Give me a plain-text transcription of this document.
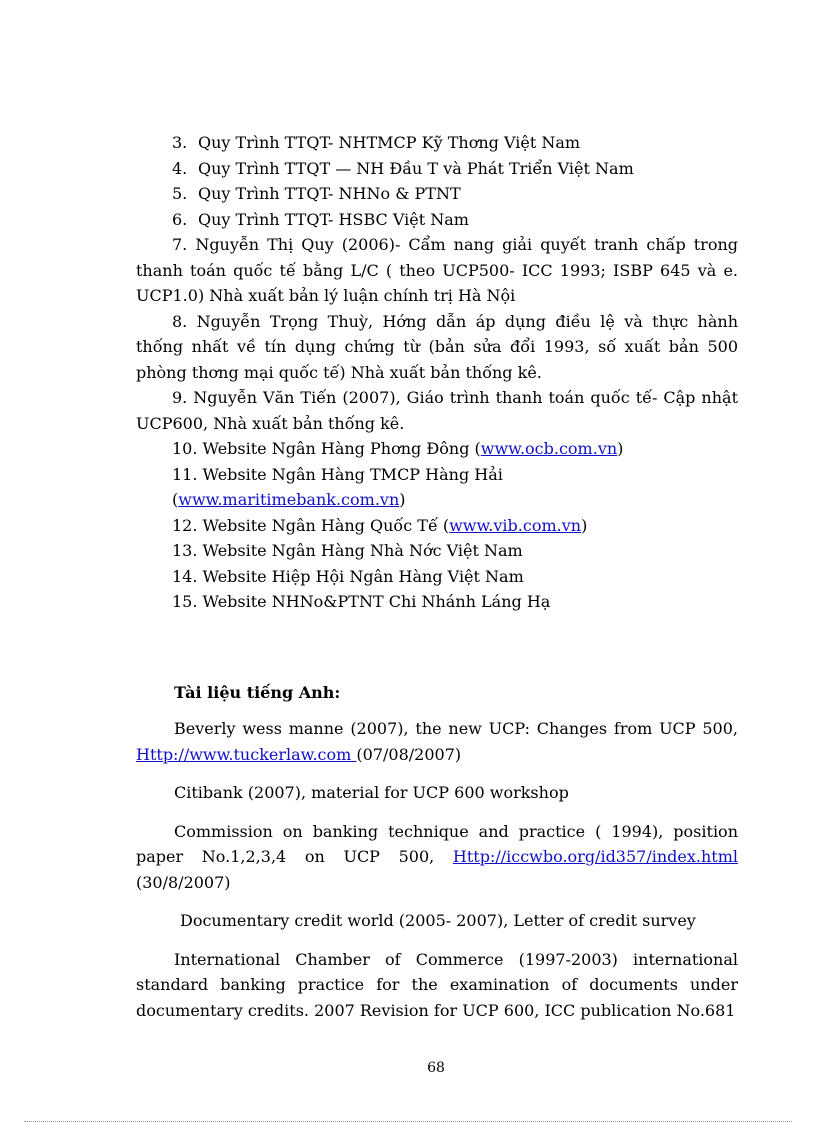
3. Quy Trình TTQT- NHTMCP Kỹ Thơng Việt Nam

4. Quy Trình TTQT — NH Đầu T và Phát Triển Việt Nam

5. Quy Trình TTQT- NHNo & PTNT

6. Quy Trình TTQT- HSBC Việt Nam

7. Nguyễn Thị Quy (2006)- Cẩm nang giải quyết tranh chấp trong thanh toán quốc tế bằng L/C ( theo UCP500- ICC 1993; ISBP 645 và e. UCP1.0) Nhà xuất bản lý luận chính trị Hà Nội

8. Nguyễn Trọng Thuỳ, Hớng dẫn áp dụng điều lệ và thực hành thống nhất về tín dụng chứng từ (bản sửa đổi 1993, số xuất bản 500 phòng thơng mại quốc tế) Nhà xuất bản thống kê.

9. Nguyễn Văn Tiến (2007), Giáo trình thanh toán quốc tế- Cập nhật UCP600, Nhà xuất bản thống kê.

10. Website Ngân Hàng Phơng Đông (www.ocb.com.vn)

11. Website Ngân Hàng TMCP Hàng Hải (www.maritimebank.com.vn)

12. Website Ngân Hàng Quốc Tế (www.vib.com.vn)

13. Website Ngân Hàng Nhà Nớc Việt Nam

14. Website Hiệp Hội Ngân Hàng Việt Nam

15. Website NHNo&PTNT Chi Nhánh Láng Hạ

Tài liệu tiếng Anh:

Beverly wess manne (2007), the new UCP: Changes from UCP 500, Http://www.tuckerlaw.com (07/08/2007)

Citibank (2007), material for UCP 600 workshop

Commission on banking technique and practice ( 1994), position paper No.1,2,3,4 on UCP 500, Http://iccwbo.org/id357/index.html (30/8/2007)

Documentary credit world (2005- 2007), Letter of credit survey

International Chamber of Commerce (1997-2003) international standard banking practice for the examination of documents under documentary credits. 2007 Revision for UCP 600, ICC publication No.681

68
